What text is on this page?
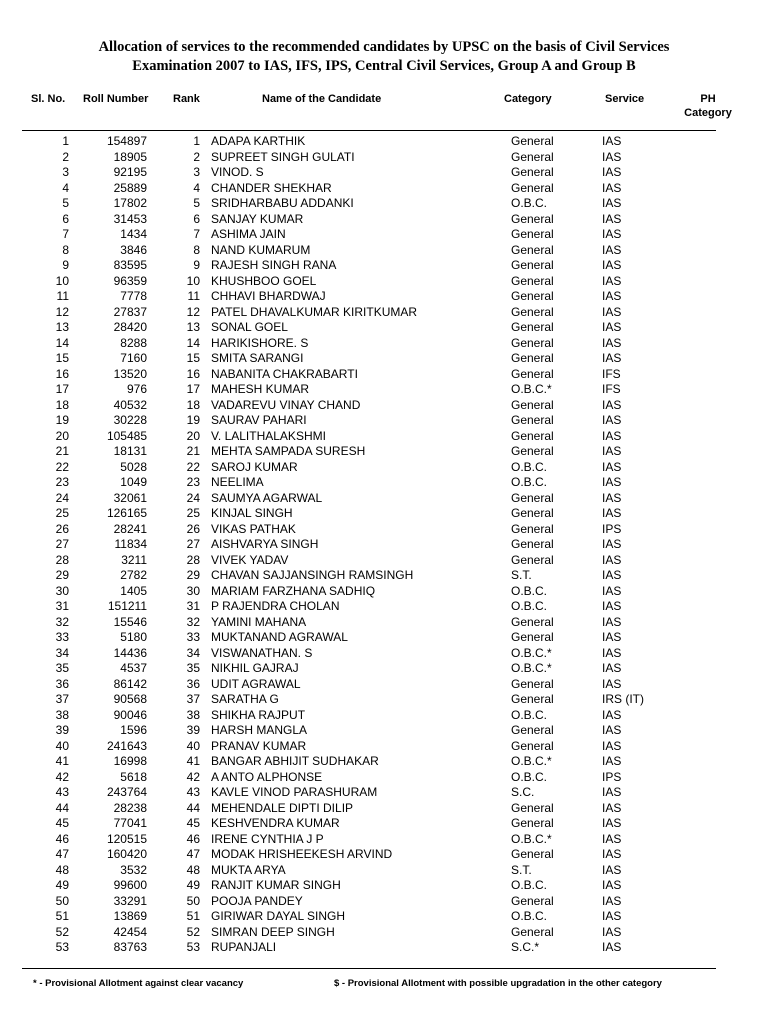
Allocation of services to the recommended candidates by UPSC on the basis of Civil Services
Examination 2007 to IAS, IFS, IPS, Central Civil Services, Group A and Group B
Sl. No. Roll Number Rank	Name of the Candidate	Category	Service	PH
Category
1	154897	1 ADAPA KARTHIK	General	IAS
2	18905	2 SUPREET SINGH GULATI	General	IAS
3	92195	3 VINOD. S	General	IAS
4	25889	4 CHANDER SHEKHAR	General	IAS
5	17802	5 SRIDHARBABU ADDANKI	O.B.C.	IAS
6	31453	6 SANJAY KUMAR	General	IAS
7	1434	7 ASHIMA JAIN	General	IAS
8	3846	8 NAND KUMARUM	General	IAS
9	83595	9 RAJESH SINGH RANA	General	IAS
10	96359	10 KHUSHBOO GOEL	General	IAS
11	7778	11 CHHAVI BHARDWAJ	General	IAS
12	27837	12 PATEL DHAVALKUMAR KIRITKUMAR	General	IAS
13	28420	13 SONAL GOEL	General	IAS
14	8288	14 HARIKISHORE. S	General	IAS
15	7160	15 SMITA SARANGI	General	IAS
16	13520	16 NABANITA CHAKRABARTI	General	IFS
17	976	17 MAHESH KUMAR	O.B.C.*	IFS
18	40532	18 VADAREVU VINAY CHAND	General	IAS
19	30228	19 SAURAV PAHARI	General	IAS
20	105485	20 V. LALITHALAKSHMI	General	IAS
21	18131	21 MEHTA SAMPADA SURESH	General	IAS
22	5028	22 SAROJ KUMAR	O.B.C.	IAS
23	1049	23 NEELIMA	O.B.C.	IAS
24	32061	24 SAUMYA AGARWAL	General	IAS
25	126165	25 KINJAL SINGH	General	IAS
26	28241	26 VIKAS PATHAK	General	IPS
27	11834	27 AISHVARYA SINGH	General	IAS
28	3211	28 VIVEK YADAV	General	IAS
29	2782	29 CHAVAN SAJJANSINGH RAMSINGH	S.T.	IAS
30	1405	30 MARIAM FARZHANA SADHIQ	O.B.C.	IAS
31	151211	31 P RAJENDRA CHOLAN	O.B.C.	IAS
32	15546	32 YAMINI MAHANA	General	IAS
33	5180	33 MUKTANAND AGRAWAL	General	IAS
34	14436	34 VISWANATHAN. S	O.B.C.*	IAS
35	4537	35 NIKHIL GAJRAJ	O.B.C.*	IAS
36	86142	36 UDIT AGRAWAL	General	IAS
37	90568	37 SARATHA G	General	IRS (IT)
38	90046	38 SHIKHA RAJPUT	O.B.C.	IAS
39	1596	39 HARSH MANGLA	General	IAS
40	241643	40 PRANAV KUMAR	General	IAS
41	16998	41 BANGAR ABHIJIT SUDHAKAR	O.B.C.*	IAS
42	5618	42 A ANTO ALPHONSE	O.B.C.	IPS
43	243764	43 KAVLE VINOD PARASHURAM	S.C.	IAS
44	28238	44 MEHENDALE DIPTI DILIP	General	IAS
45	77041	45 KESHVENDRA KUMAR	General	IAS
46	120515	46 IRENE CYNTHIA J P	O.B.C.*	IAS
47	160420	47 MODAK HRISHEEKESH ARVIND	General	IAS
48	3532	48 MUKTA ARYA	S.T.	IAS
49	99600	49 RANJIT KUMAR SINGH	O.B.C.	IAS
50	33291	50 POOJA PANDEY	General	IAS
51	13869	51 GIRIWAR DAYAL SINGH	O.B.C.	IAS
52	42454	52 SIMRAN DEEP SINGH	General	IAS
53	83763	53 RUPANJALI	S.C.*	IAS
* - Provisional Allotment against clear vacancy	$ - Provisional Allotment with possible upgradation in the other category
